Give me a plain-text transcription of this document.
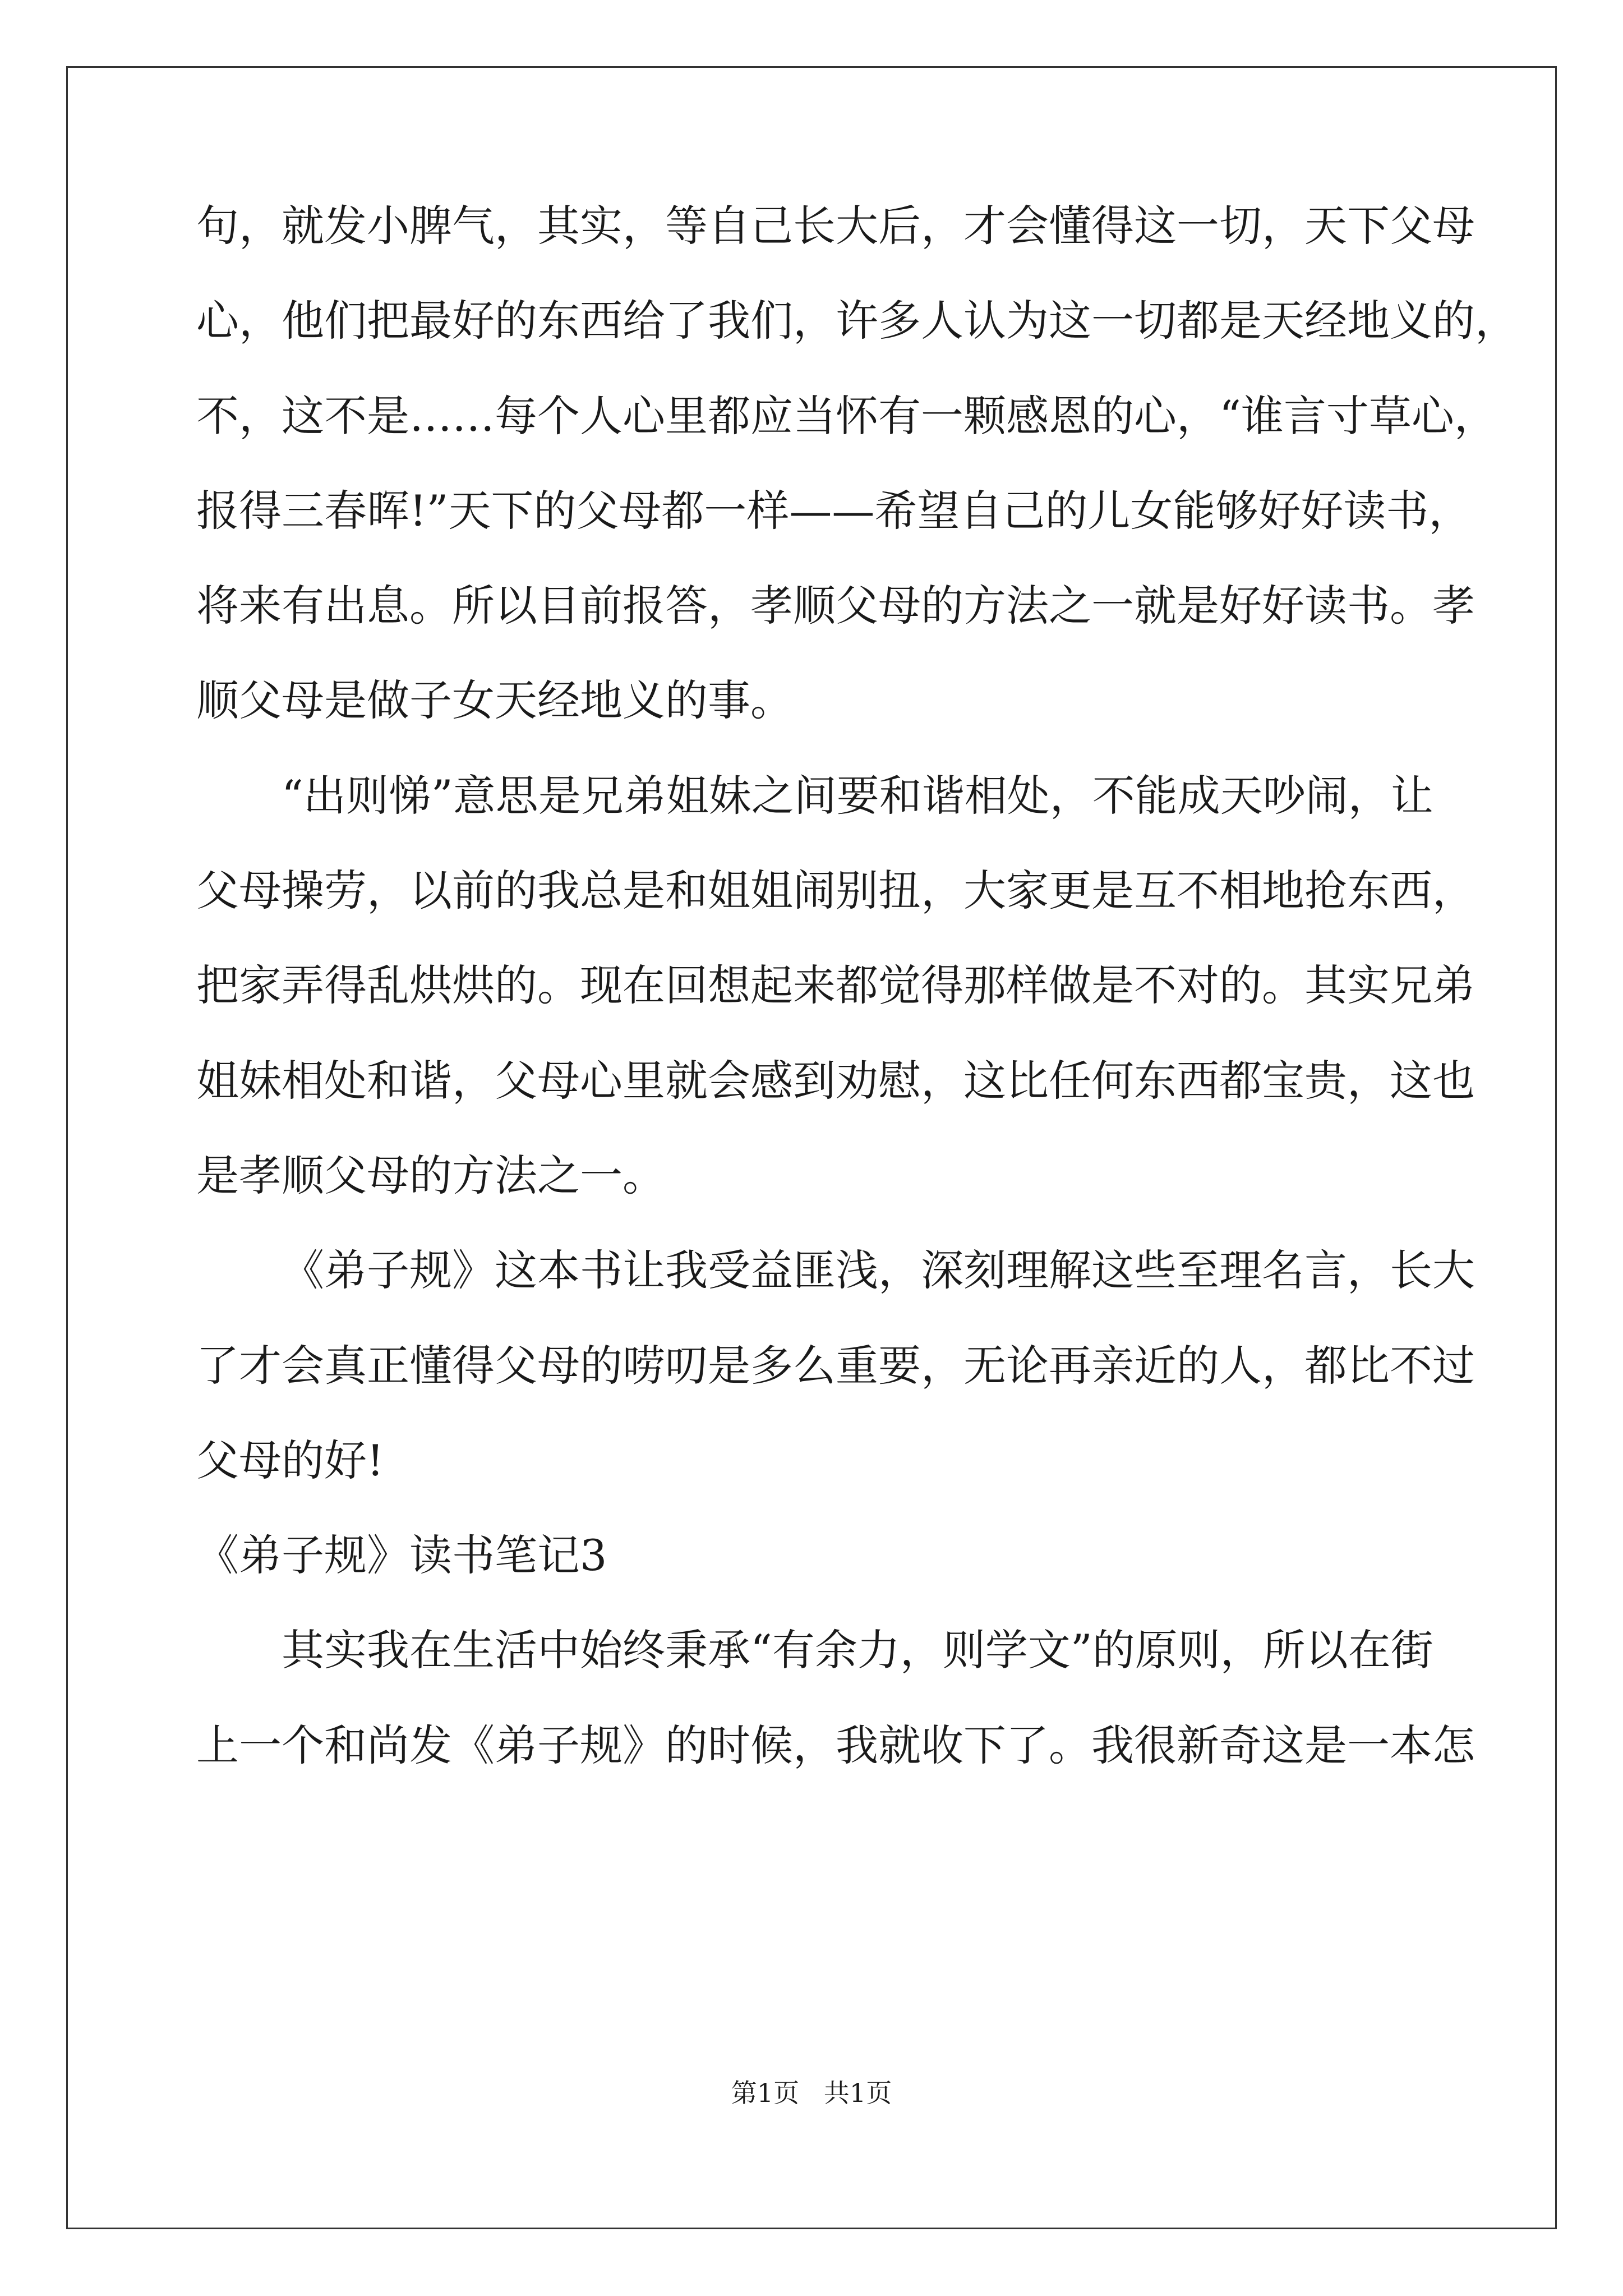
句，就发小脾气，其实，等自己长大后，才会懂得这一切，天下父母
心，他们把最好的东西给了我们，许多人认为这一切都是天经地义的，
不，这不是……每个人心里都应当怀有一颗感恩的心，“谁言寸草心，
报得三春晖!”天下的父母都一样——希望自己的儿女能够好好读书，
将来有出息。所以目前报答，孝顺父母的方法之一就是好好读书。孝
顺父母是做子女天经地义的事。
“出则悌”意思是兄弟姐妹之间要和谐相处，不能成天吵闹，让
父母操劳，以前的我总是和姐姐闹别扭，大家更是互不相地抢东西，
把家弄得乱烘烘的。现在回想起来都觉得那样做是不对的。其实兄弟
姐妹相处和谐，父母心里就会感到劝慰，这比任何东西都宝贵，这也
是孝顺父母的方法之一。
《弟子规》这本书让我受益匪浅，深刻理解这些至理名言，长大
了才会真正懂得父母的唠叨是多么重要，无论再亲近的人，都比不过
父母的好!
《弟子规》读书笔记3
其实我在生活中始终秉承“有余力，则学文”的原则，所以在街
上一个和尚发《弟子规》的时候，我就收下了。我很新奇这是一本怎
第1页   共1页
